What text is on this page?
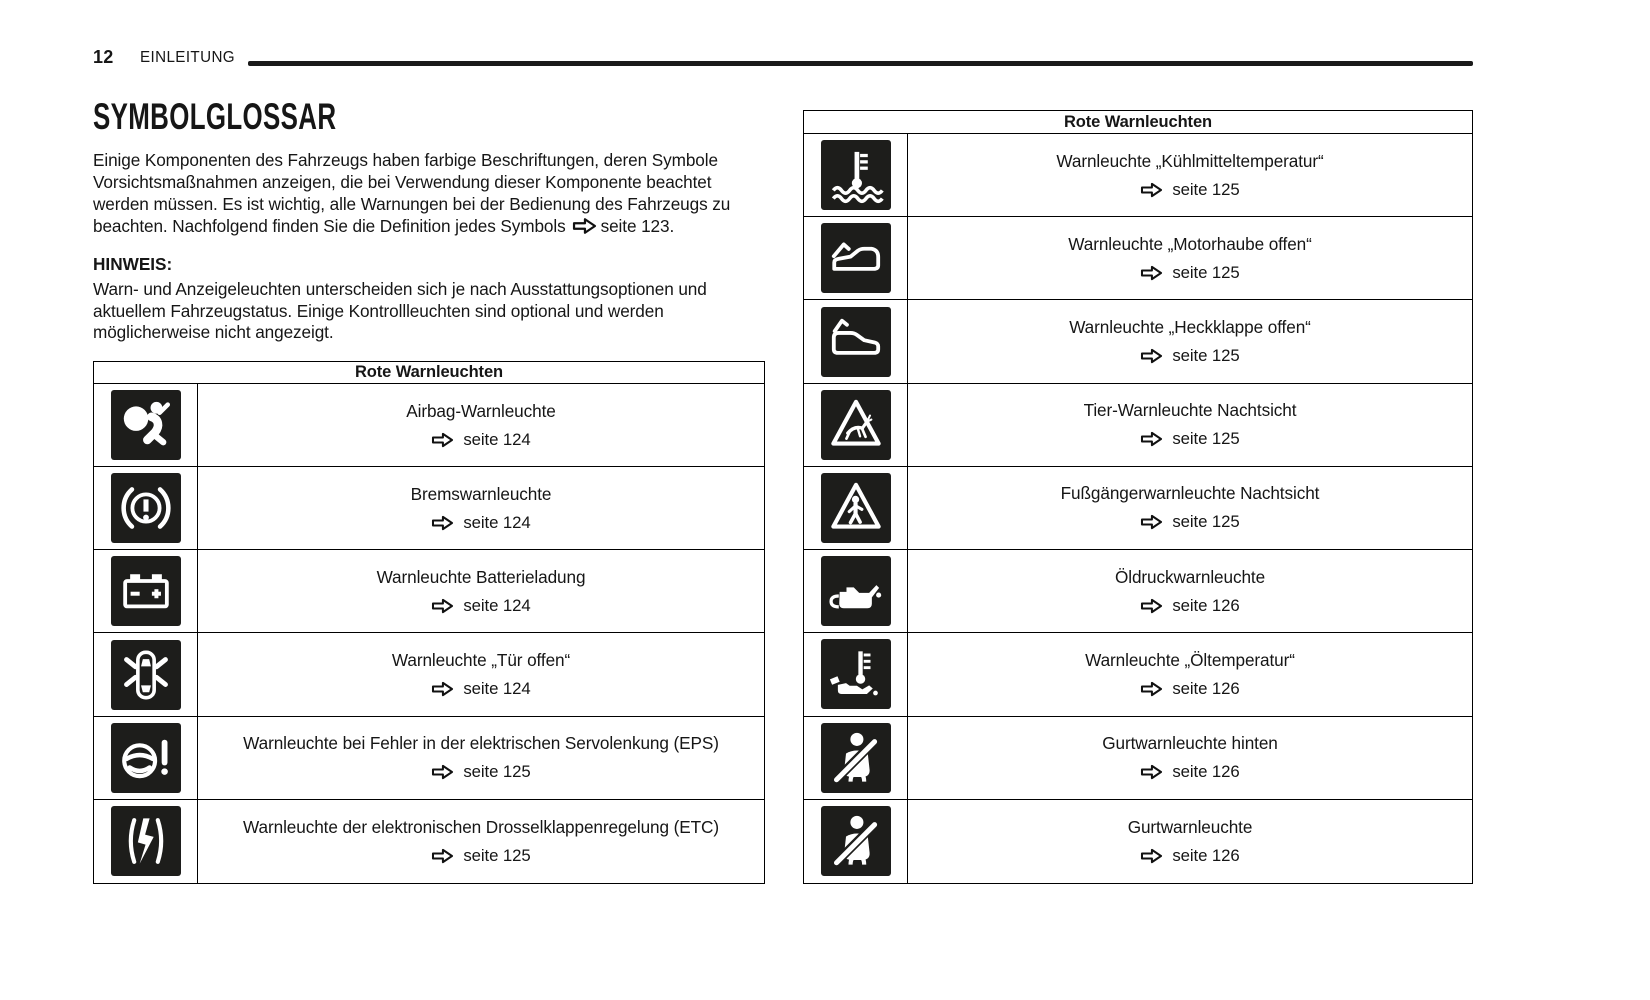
12 EINLEITUNG
SYMBOLGLOSSAR
Einige Komponenten des Fahrzeugs haben farbige Beschriftungen, deren Symbole Vorsichtsmaßnahmen anzeigen, die bei Verwendung dieser Komponente beachtet werden müssen. Es ist wichtig, alle Warnungen bei der Bedienung des Fahrzeugs zu beachten. Nachfolgend finden Sie die Definition jedes Symbols seite 123.
HINWEIS:
Warn- und Anzeigeleuchten unterscheiden sich je nach Ausstattungsoptionen und aktuellem Fahrzeugstatus. Einige Kontrollleuchten sind optional und werden möglicherweise nicht angezeigt.
Rote Warnleuchten
Airbag-Warnleuchte
seite 124
Bremswarnleuchte
seite 124
Warnleuchte Batterieladung
seite 124
Warnleuchte „Tür offen“
seite 124
Warnleuchte bei Fehler in der elektrischen Servolenkung (EPS)
seite 125
Warnleuchte der elektronischen Drosselklappenregelung (ETC)
seite 125
Rote Warnleuchten
Warnleuchte „Kühlmitteltemperatur“
seite 125
Warnleuchte „Motorhaube offen“
seite 125
Warnleuchte „Heckklappe offen“
seite 125
Tier-Warnleuchte Nachtsicht
seite 125
Fußgängerwarnleuchte Nachtsicht
seite 125
Öldruckwarnleuchte
seite 126
Warnleuchte „Öltemperatur“
seite 126
Gurtwarnleuchte hinten
seite 126
Gurtwarnleuchte
seite 126
